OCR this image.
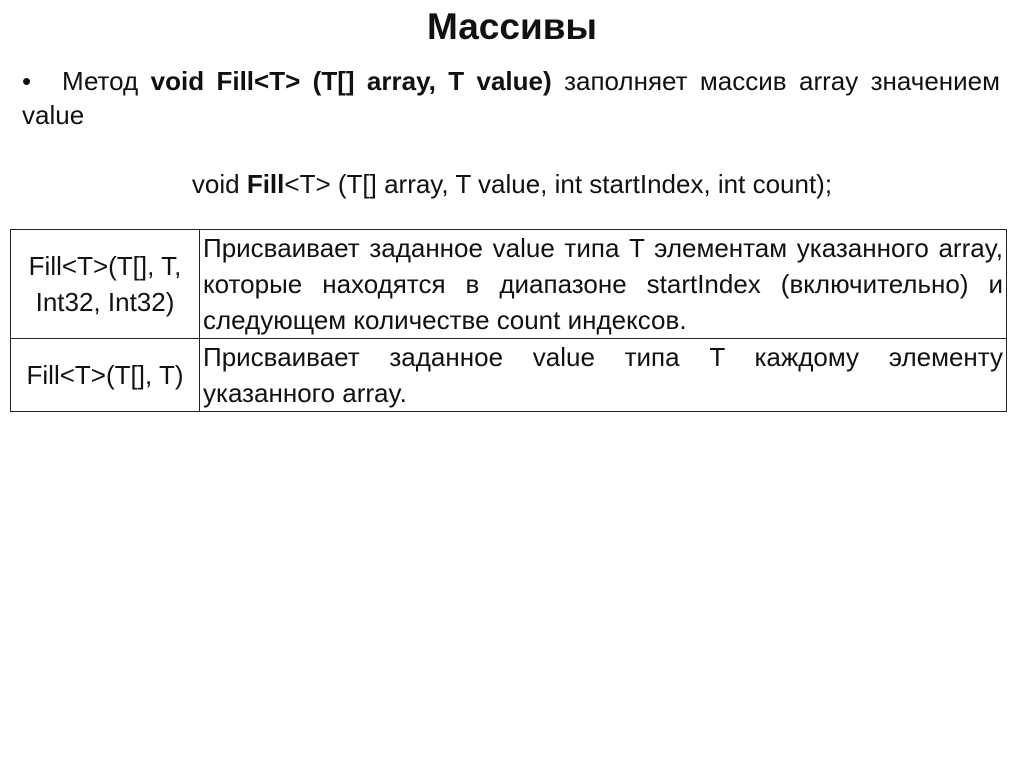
Массивы
• Метод void Fill<T> (T[] array, T value) заполняет массив array значением value
void Fill<T> (T[] array, T value, int startIndex, int count);
Fill<T>(T[], T, Int32, Int32)	Присваивает заданное value типа T элементам указанного array, которые находятся в диапазоне startIndex (включительно) и следующем количестве count индексов.
Fill<T>(T[], T)	Присваивает заданное value типа T каждому элементу указанного array.
